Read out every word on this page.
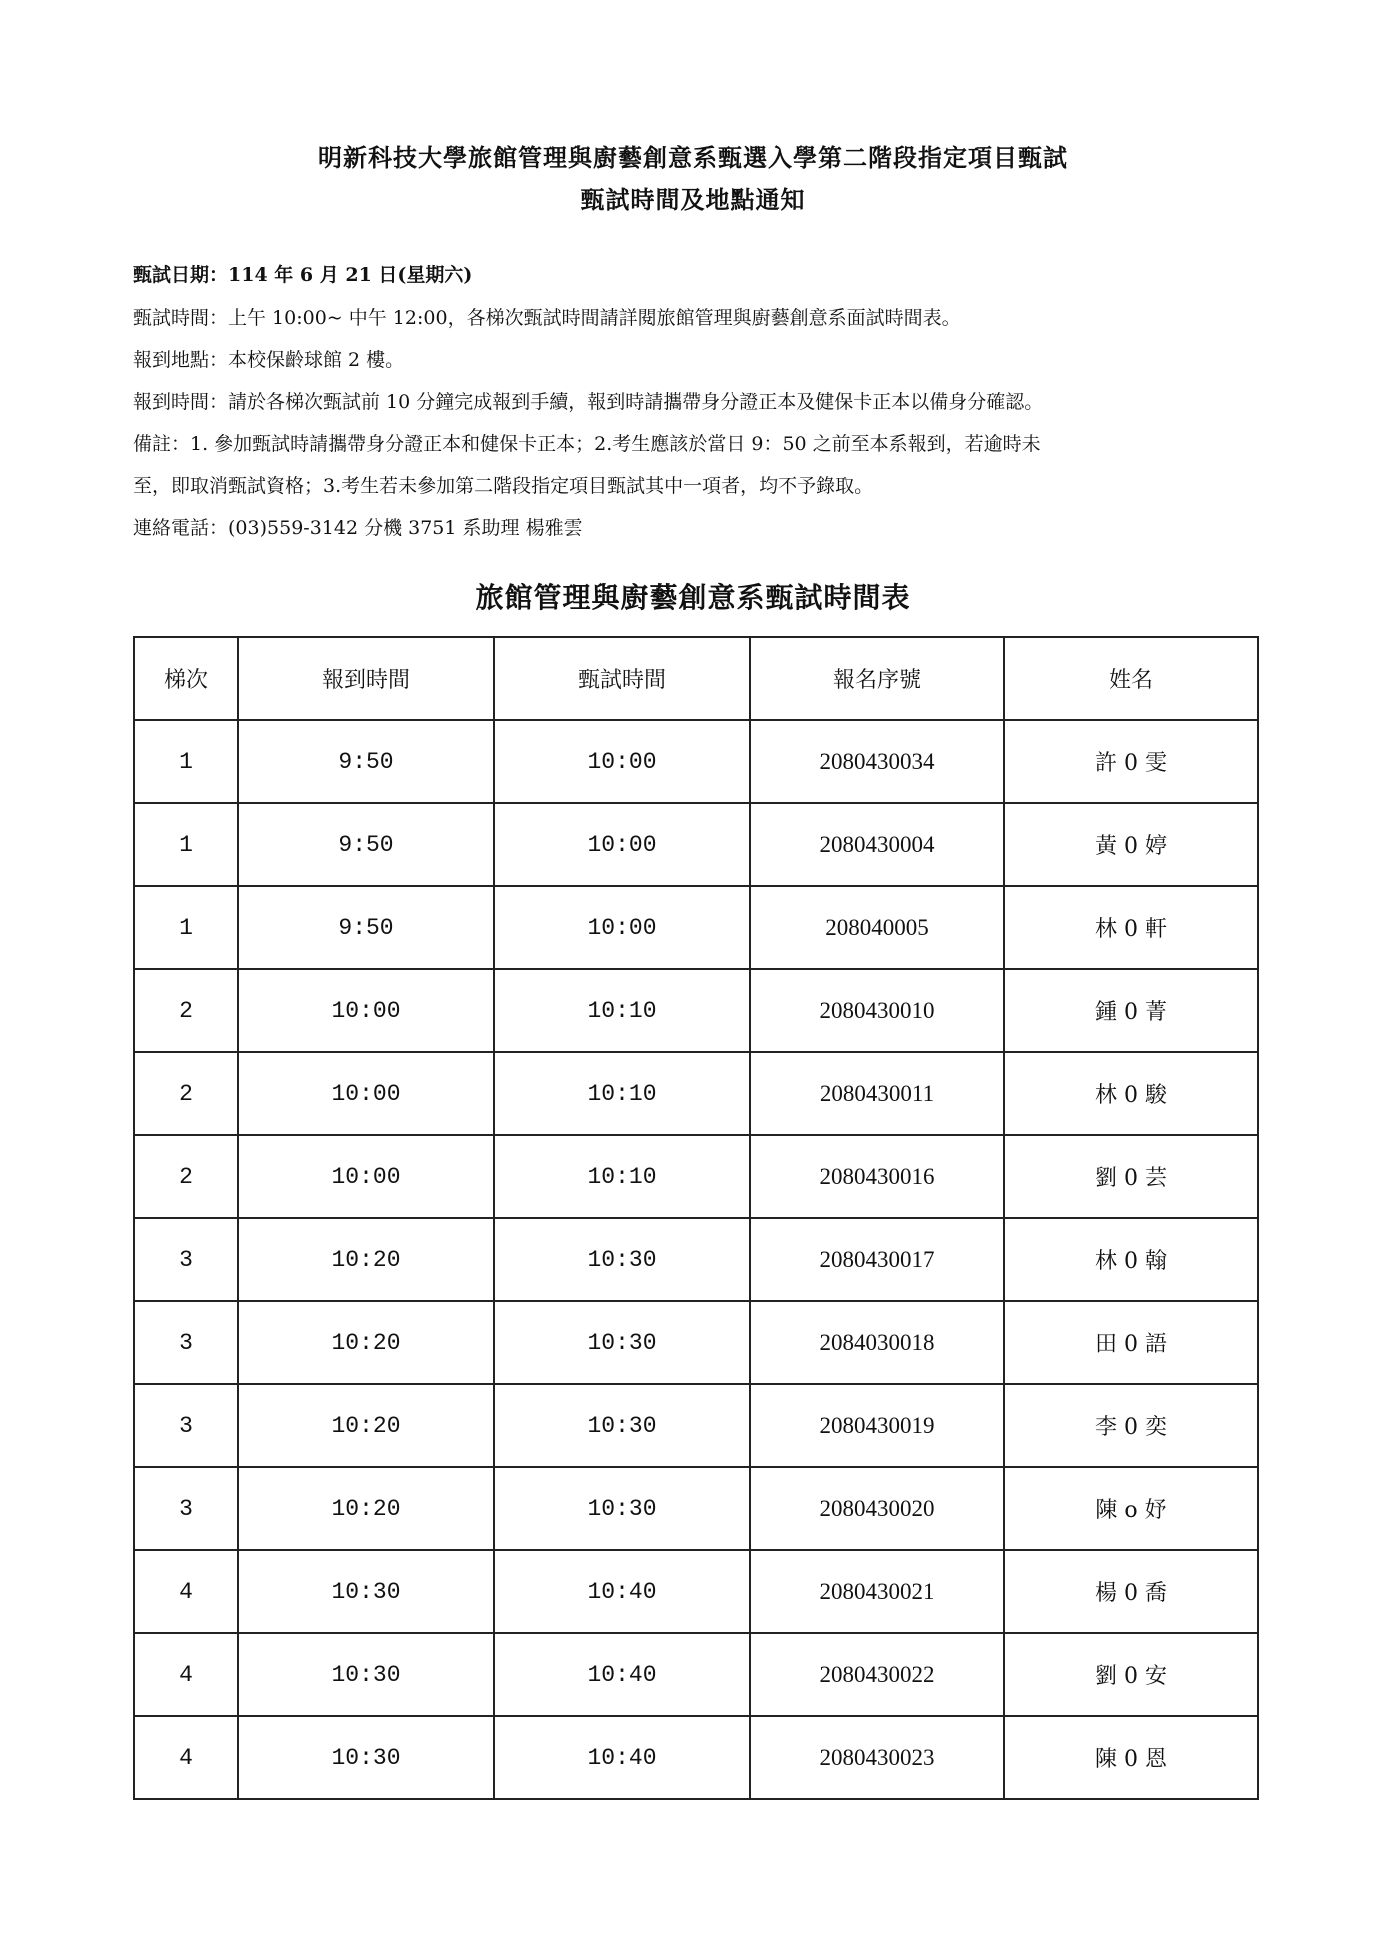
明新科技大學旅館管理與廚藝創意系甄選入學第二階段指定項目甄試
甄試時間及地點通知
甄試日期：114 年 6 月 21 日(星期六)
甄試時間：上午 10:00~ 中午 12:00，各梯次甄試時間請詳閱旅館管理與廚藝創意系面試時間表。
報到地點：本校保齡球館 2 樓。
報到時間：請於各梯次甄試前 10 分鐘完成報到手續，報到時請攜帶身分證正本及健保卡正本以備身分確認。
備註：1. 參加甄試時請攜帶身分證正本和健保卡正本；2.考生應該於當日 9：50 之前至本系報到，若逾時未
至，即取消甄試資格；3.考生若未參加第二階段指定項目甄試其中一項者，均不予錄取。
連絡電話：(03)559-3142 分機 3751 系助理 楊雅雲
旅館管理與廚藝創意系甄試時間表
梯次	報到時間	甄試時間	報名序號	姓名
1	9:50	10:00	2080430034	許 0 雯
1	9:50	10:00	2080430004	黃 0 婷
1	9:50	10:00	208040005	林 0 軒
2	10:00	10:10	2080430010	鍾 0 菁
2	10:00	10:10	2080430011	林 0 駿
2	10:00	10:10	2080430016	劉 0 芸
3	10:20	10:30	2080430017	林 0 翰
3	10:20	10:30	2084030018	田 0 語
3	10:20	10:30	2080430019	李 0 奕
3	10:20	10:30	2080430020	陳 o 妤
4	10:30	10:40	2080430021	楊 0 喬
4	10:30	10:40	2080430022	劉 0 安
4	10:30	10:40	2080430023	陳 0 恩
